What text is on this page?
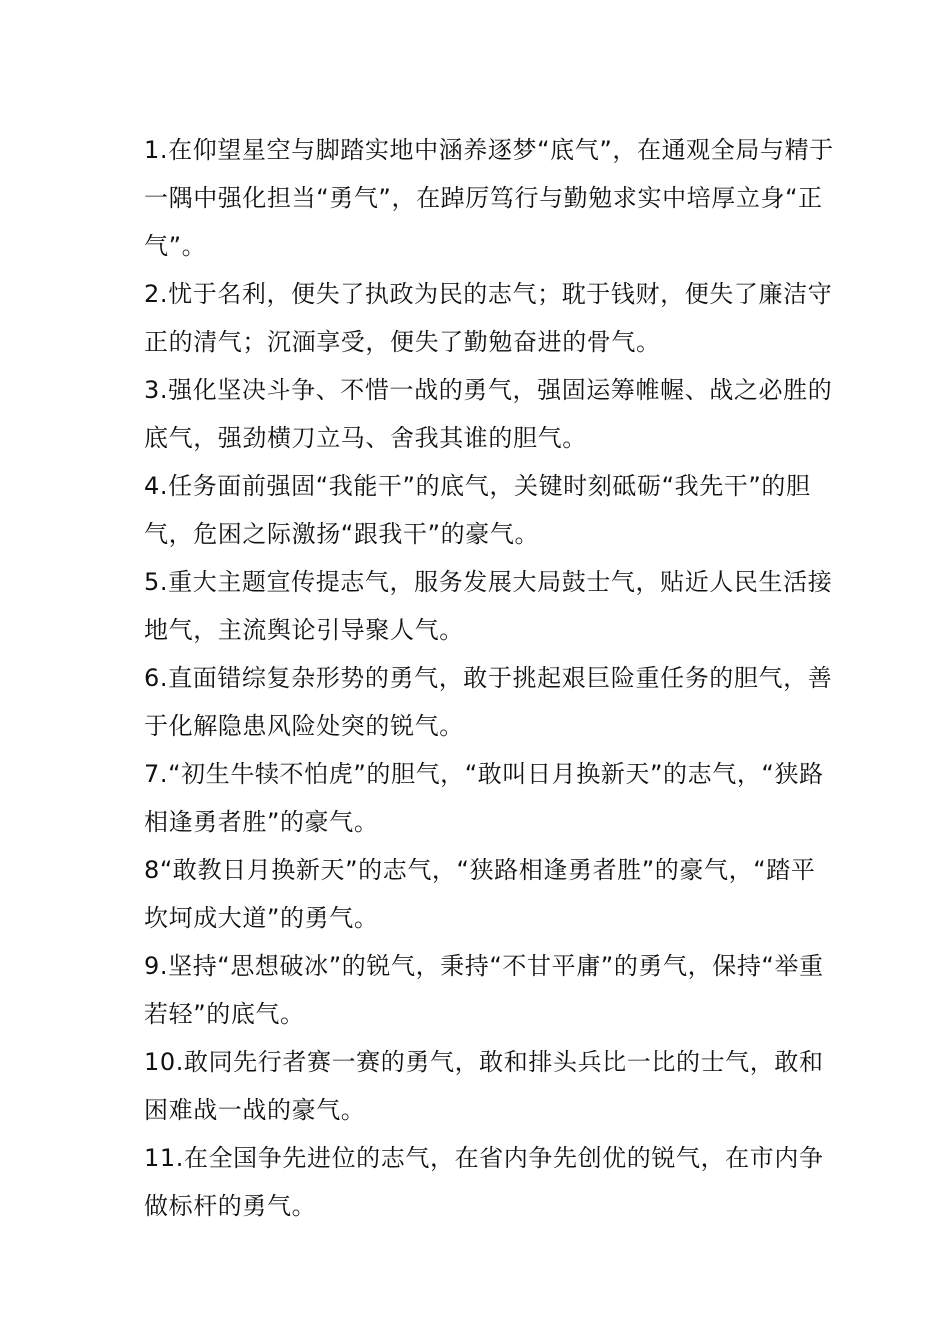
1.在仰望星空与脚踏实地中涵养逐梦“底气”，在通观全局与精于一隅中强化担当“勇气”，在踔厉笃行与勤勉求实中培厚立身“正气”。

2.忧于名利，便失了执政为民的志气；耽于钱财，便失了廉洁守正的清气；沉湎享受，便失了勤勉奋进的骨气。

3.强化坚决斗争、不惜一战的勇气，强固运筹帷幄、战之必胜的底气，强劲横刀立马、舍我其谁的胆气。

4.任务面前强固“我能干”的底气，关键时刻砥砺“我先干”的胆气，危困之际激扬“跟我干”的豪气。

5.重大主题宣传提志气，服务发展大局鼓士气，贴近人民生活接地气，主流舆论引导聚人气。

6.直面错综复杂形势的勇气，敢于挑起艰巨险重任务的胆气，善于化解隐患风险处突的锐气。

7.“初生牛犊不怕虎”的胆气，“敢叫日月换新天”的志气，“狭路相逢勇者胜”的豪气。

8“敢教日月换新天”的志气，“狭路相逢勇者胜”的豪气，“踏平坎坷成大道”的勇气。

9.坚持“思想破冰”的锐气，秉持“不甘平庸”的勇气，保持“举重若轻”的底气。

10.敢同先行者赛一赛的勇气，敢和排头兵比一比的士气，敢和困难战一战的豪气。

11.在全国争先进位的志气，在省内争先创优的锐气，在市内争做标杆的勇气。
